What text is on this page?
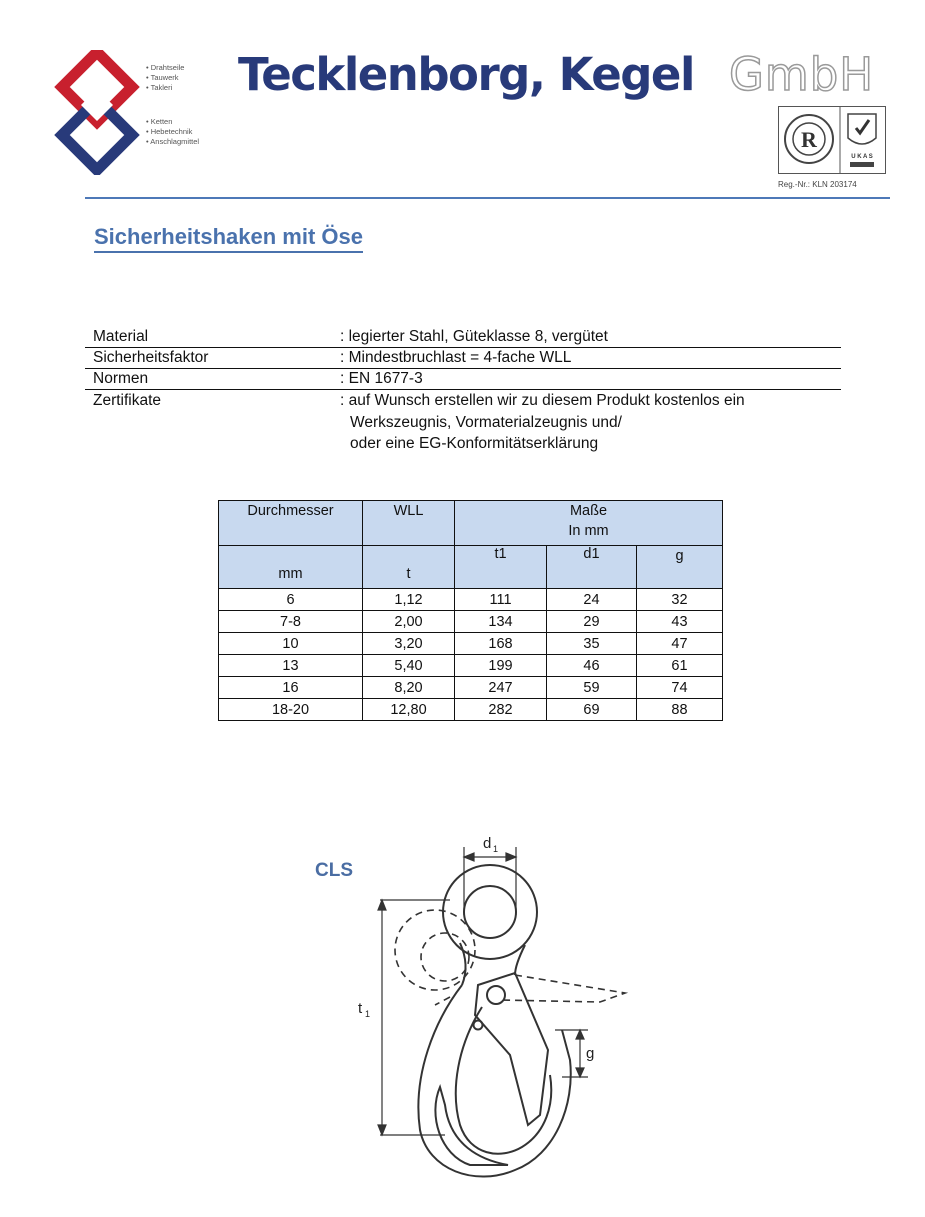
• Drahtseile
• Tauwerk
• Takleri
• Ketten
• Hebetechnik
• Anschlagmittel
Tecklenborg, Kegel GmbH
R
U K A S
Reg.-Nr.: KLN 203174
Sicherheitshaken mit Öse
Material	: legierter Stahl, Güteklasse 8, vergütet
Sicherheitsfaktor	: Mindestbruchlast = 4-fache WLL
Normen	: EN 1677-3
Zertifikate	: auf Wunsch erstellen wir zu diesem Produkt kostenlos ein
Werkszeugnis, Vormaterialzeugnis und/
oder eine EG-Konformitätserklärung
Durchmesser	WLL	Maße
In mm		

mm	t	t1	d1	g

6	1,12	111	24	32
7-8	2,00	134	29	43
10	3,20	168	35	47
13	5,40	199	46	61
16	8,20	247	59	74
18-20	12,80	282	69	88
CLS
d 1
t 1
g
